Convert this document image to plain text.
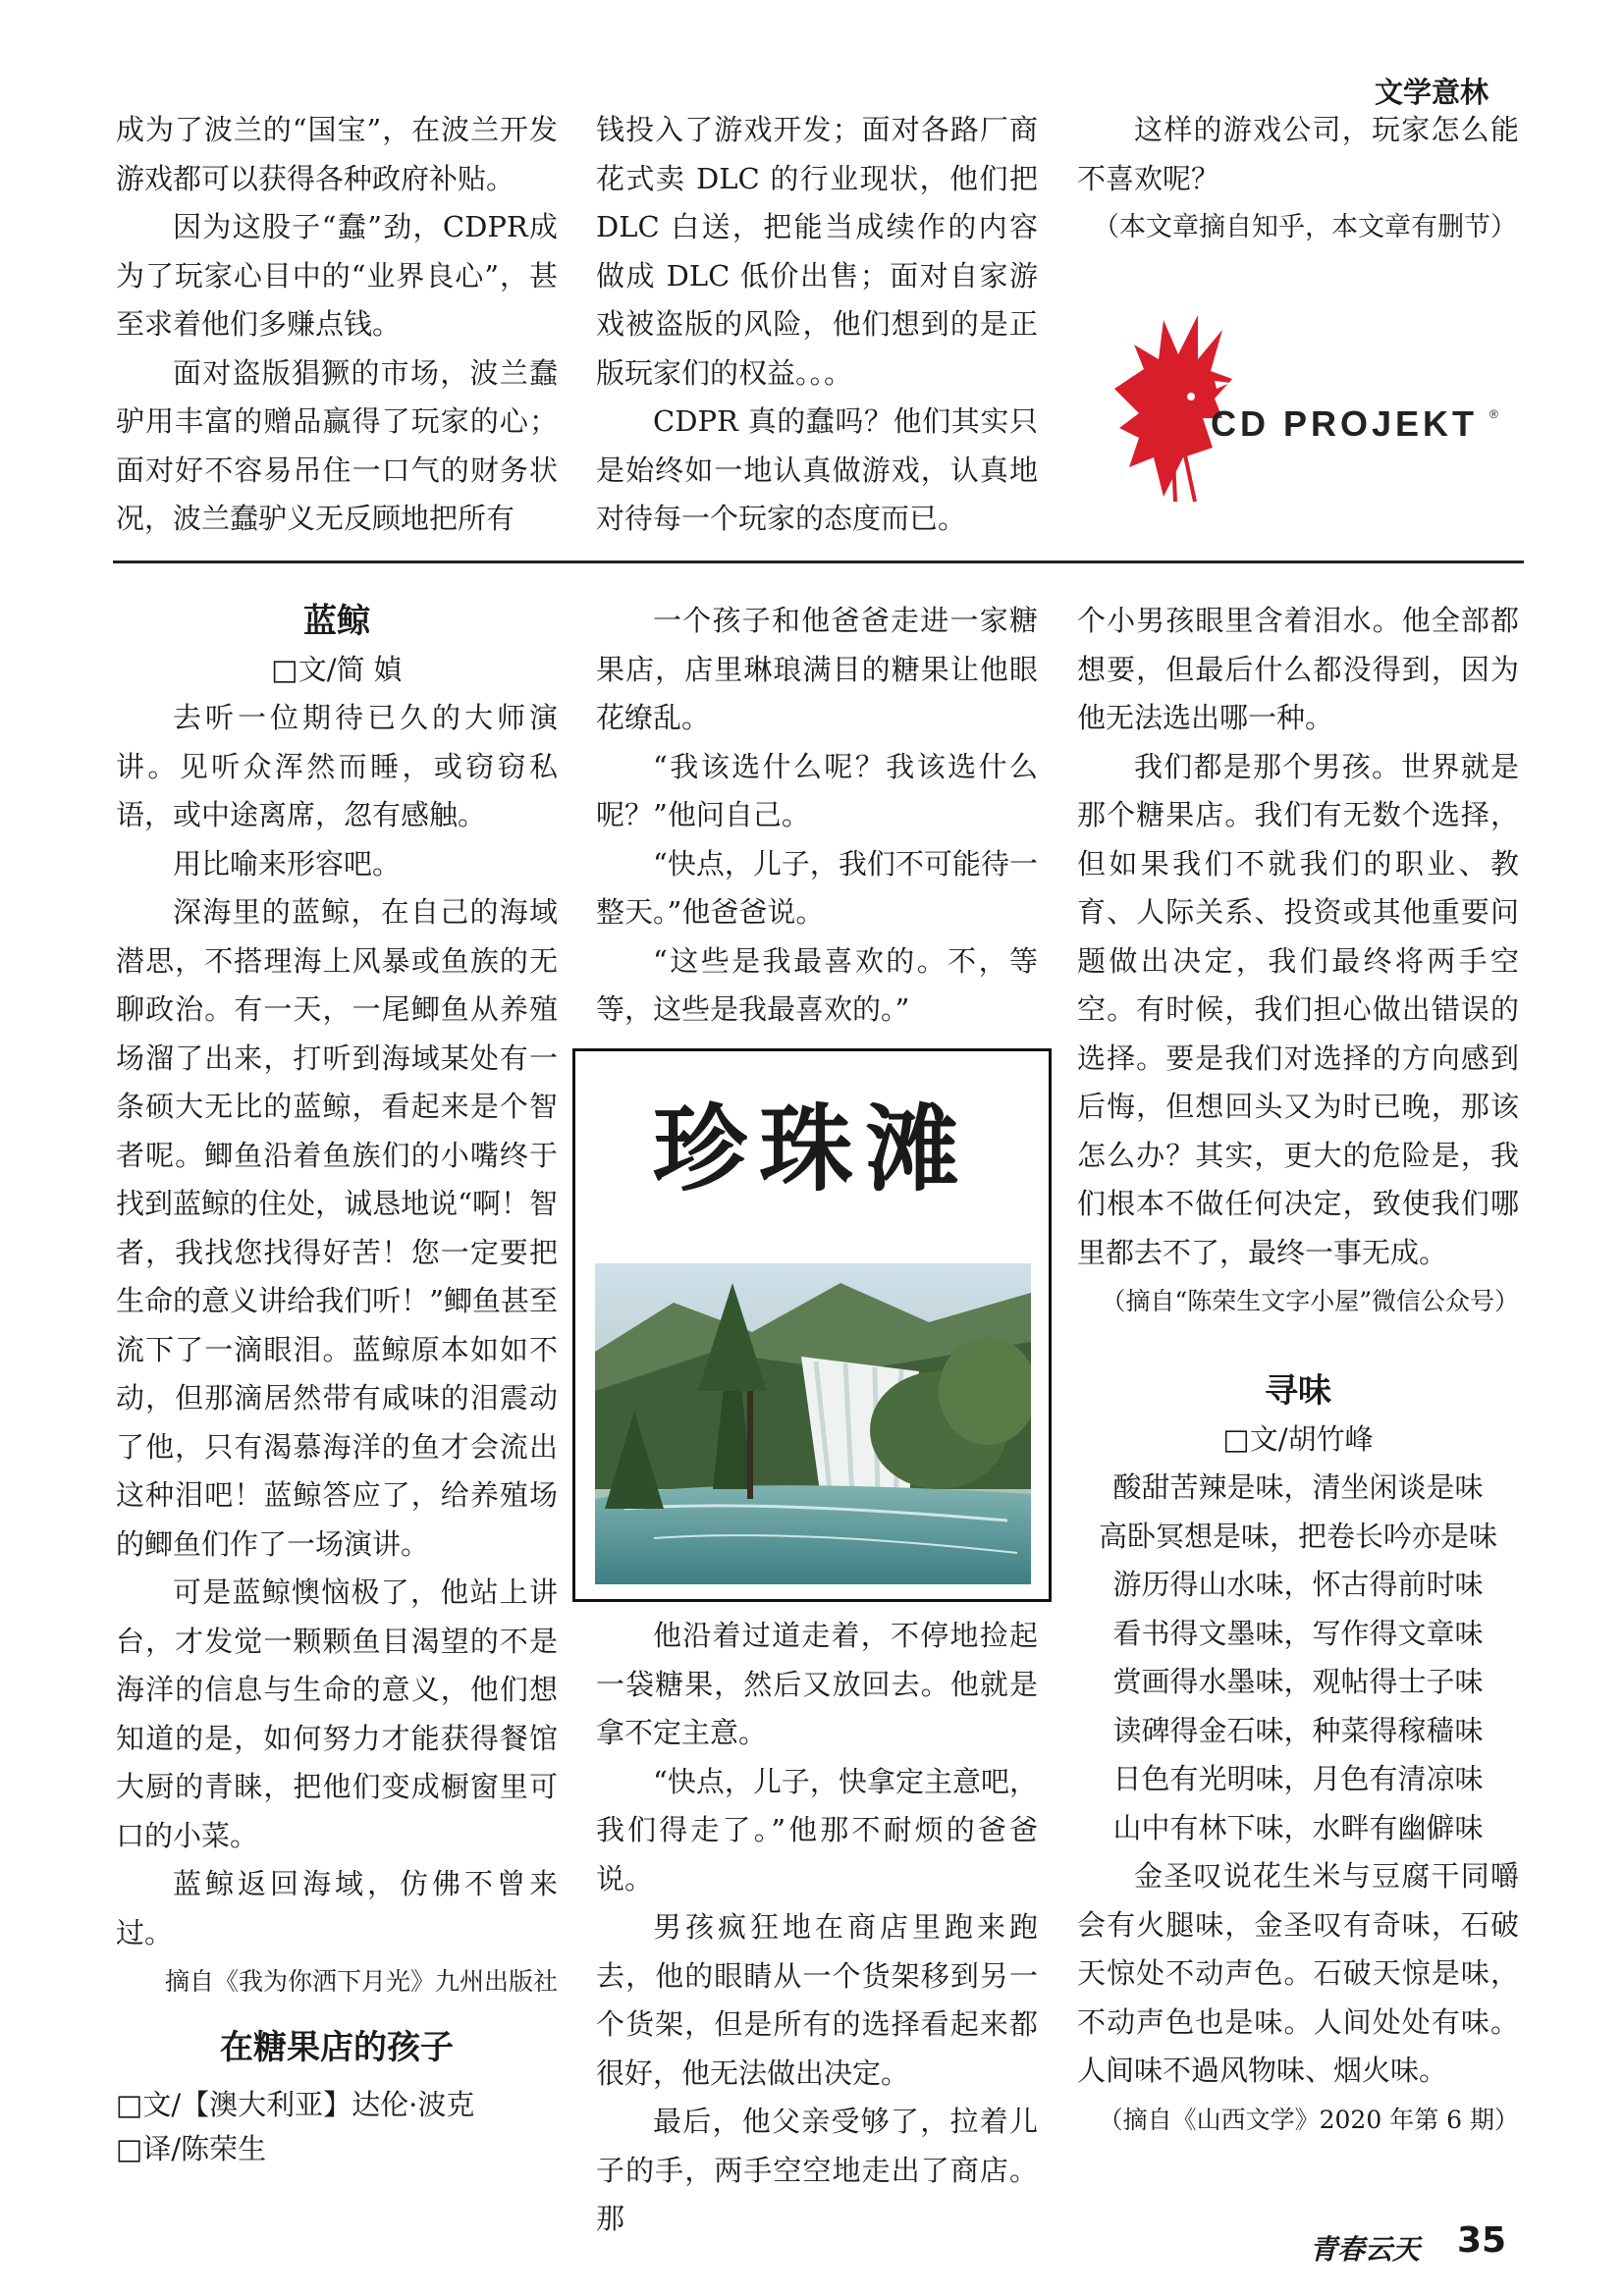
文学意林

成为了波兰的“国宝”，在波兰开发游戏都可以获得各种政府补贴。

因为这股子“蠢”劲，CDPR成为了玩家心目中的“业界良心”，甚至求着他们多赚点钱。

面对盗版猖獗的市场，波兰蠢驴用丰富的赠品赢得了玩家的心；面对好不容易吊住一口气的财务状况，波兰蠢驴义无反顾地把所有

钱投入了游戏开发；面对各路厂商花式卖 DLC 的行业现状，他们把 DLC 白送，把能当成续作的内容做成 DLC 低价出售；面对自家游戏被盗版的风险，他们想到的是正版玩家们的权益。。。

CDPR 真的蠢吗？他们其实只是始终如一地认真做游戏，认真地对待每一个玩家的态度而已。

这样的游戏公司，玩家怎么能不喜欢呢？

（本文章摘自知乎，本文章有删节）

CD PROJEKT ®

蓝鲸

□文/简 媜

去听一位期待已久的大师演讲。见听众浑然而睡，或窃窃私语，或中途离席，忽有感触。

用比喻来形容吧。

深海里的蓝鲸，在自己的海域潜思，不搭理海上风暴或鱼族的无聊政治。有一天，一尾鲫鱼从养殖场溜了出来，打听到海域某处有一条硕大无比的蓝鲸，看起来是个智者呢。鲫鱼沿着鱼族们的小嘴终于找到蓝鲸的住处，诚恳地说“啊！智者，我找您找得好苦！您一定要把生命的意义讲给我们听！”鲫鱼甚至流下了一滴眼泪。蓝鲸原本如如不动，但那滴居然带有咸味的泪震动了他，只有渴慕海洋的鱼才会流出这种泪吧！蓝鲸答应了，给养殖场的鲫鱼们作了一场演讲。

可是蓝鲸懊恼极了，他站上讲台，才发觉一颗颗鱼目渴望的不是海洋的信息与生命的意义，他们想知道的是，如何努力才能获得餐馆大厨的青睐，把他们变成橱窗里可口的小菜。

蓝鲸返回海域，仿佛不曾来过。

摘自《我为你洒下月光》九州出版社

在糖果店的孩子

□文/【澳大利亚】达伦·波克

□译/陈荣生

一个孩子和他爸爸走进一家糖果店，店里琳琅满目的糖果让他眼花缭乱。

“我该选什么呢？我该选什么呢？”他问自己。

“快点，儿子，我们不可能待一整天。”他爸爸说。

“这些是我最喜欢的。不，等等，这些是我最喜欢的。”

珍珠滩

他沿着过道走着，不停地捡起一袋糖果，然后又放回去。他就是拿不定主意。

“快点，儿子，快拿定主意吧，我们得走了。”他那不耐烦的爸爸说。

男孩疯狂地在商店里跑来跑去，他的眼睛从一个货架移到另一个货架，但是所有的选择看起来都很好，他无法做出决定。

最后，他父亲受够了，拉着儿子的手，两手空空地走出了商店。那

个小男孩眼里含着泪水。他全部都想要，但最后什么都没得到，因为他无法选出哪一种。

我们都是那个男孩。世界就是那个糖果店。我们有无数个选择，但如果我们不就我们的职业、教育、人际关系、投资或其他重要问题做出决定，我们最终将两手空空。有时候，我们担心做出错误的选择。要是我们对选择的方向感到后悔，但想回头又为时已晚，那该怎么办？其实，更大的危险是，我们根本不做任何决定，致使我们哪里都去不了，最终一事无成。

（摘自“陈荣生文字小屋”微信公众号）

寻味

□文/胡竹峰

酸甜苦辣是味，清坐闲谈是味

高卧冥想是味，把卷长吟亦是味

游历得山水味，怀古得前时味

看书得文墨味，写作得文章味

赏画得水墨味，观帖得士子味

读碑得金石味，种菜得稼穑味

日色有光明味，月色有清凉味

山中有林下味，水畔有幽僻味

金圣叹说花生米与豆腐干同嚼会有火腿味，金圣叹有奇味，石破天惊处不动声色。石破天惊是味，不动声色也是味。人间处处有味。人间味不過风物味、烟火味。

（摘自《山西文学》2020 年第 6 期）

青春云天 35
